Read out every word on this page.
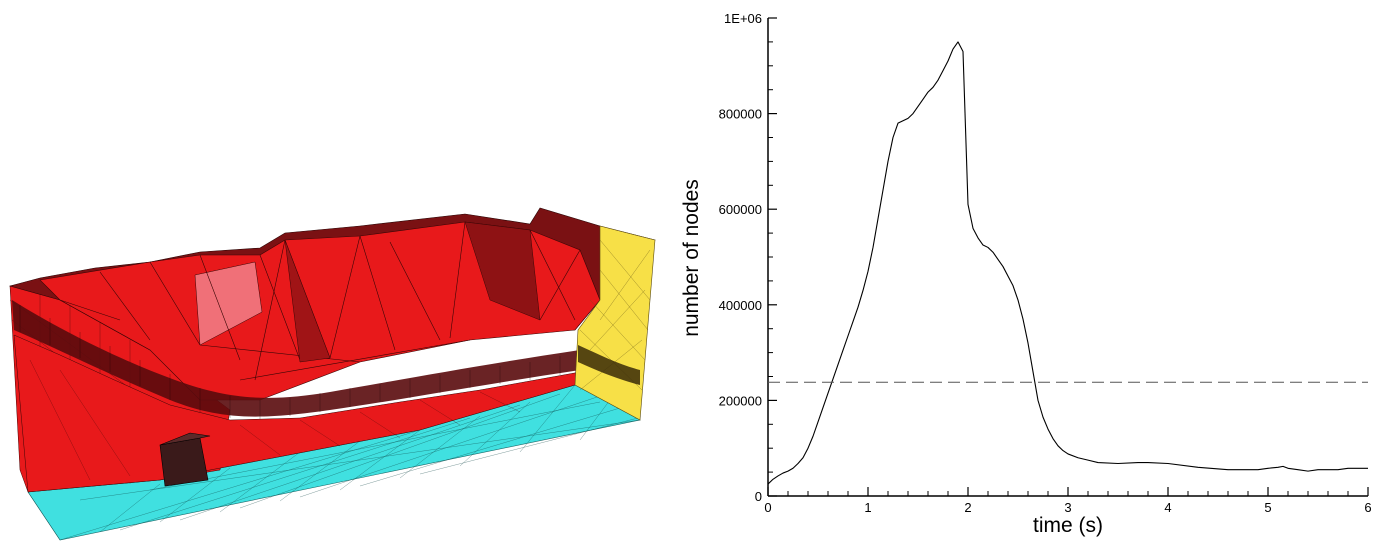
0	1	2	3	4	5	6
0
200000
400000
600000
800000
1E+06
time (s)
number of nodes
